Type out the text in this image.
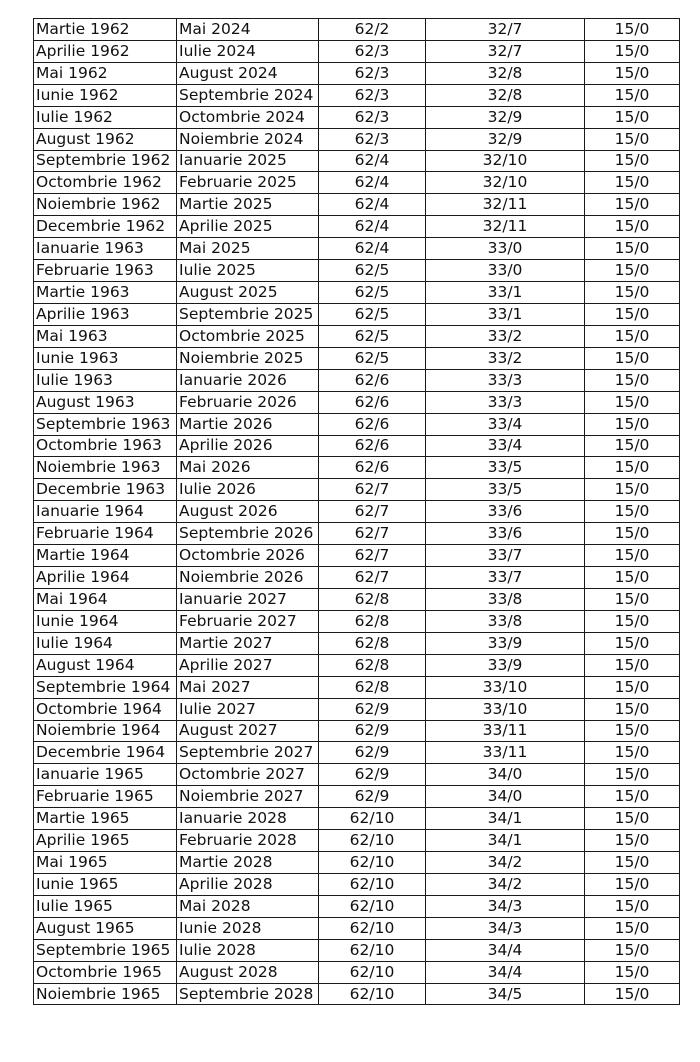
Martie 1962	Mai 2024	62/2	32/7	15/0
Aprilie 1962	Iulie 2024	62/3	32/7	15/0
Mai 1962	August 2024	62/3	32/8	15/0
Iunie 1962	Septembrie 2024	62/3	32/8	15/0
Iulie 1962	Octombrie 2024	62/3	32/9	15/0
August 1962	Noiembrie 2024	62/3	32/9	15/0
Septembrie 1962	Ianuarie 2025	62/4	32/10	15/0
Octombrie 1962	Februarie 2025	62/4	32/10	15/0
Noiembrie 1962	Martie 2025	62/4	32/11	15/0
Decembrie 1962	Aprilie 2025	62/4	32/11	15/0
Ianuarie 1963	Mai 2025	62/4	33/0	15/0
Februarie 1963	Iulie 2025	62/5	33/0	15/0
Martie 1963	August 2025	62/5	33/1	15/0
Aprilie 1963	Septembrie 2025	62/5	33/1	15/0
Mai 1963	Octombrie 2025	62/5	33/2	15/0
Iunie 1963	Noiembrie 2025	62/5	33/2	15/0
Iulie 1963	Ianuarie 2026	62/6	33/3	15/0
August 1963	Februarie 2026	62/6	33/3	15/0
Septembrie 1963	Martie 2026	62/6	33/4	15/0
Octombrie 1963	Aprilie 2026	62/6	33/4	15/0
Noiembrie 1963	Mai 2026	62/6	33/5	15/0
Decembrie 1963	Iulie 2026	62/7	33/5	15/0
Ianuarie 1964	August 2026	62/7	33/6	15/0
Februarie 1964	Septembrie 2026	62/7	33/6	15/0
Martie 1964	Octombrie 2026	62/7	33/7	15/0
Aprilie 1964	Noiembrie 2026	62/7	33/7	15/0
Mai 1964	Ianuarie 2027	62/8	33/8	15/0
Iunie 1964	Februarie 2027	62/8	33/8	15/0
Iulie 1964	Martie 2027	62/8	33/9	15/0
August 1964	Aprilie 2027	62/8	33/9	15/0
Septembrie 1964	Mai 2027	62/8	33/10	15/0
Octombrie 1964	Iulie 2027	62/9	33/10	15/0
Noiembrie 1964	August 2027	62/9	33/11	15/0
Decembrie 1964	Septembrie 2027	62/9	33/11	15/0
Ianuarie 1965	Octombrie 2027	62/9	34/0	15/0
Februarie 1965	Noiembrie 2027	62/9	34/0	15/0
Martie 1965	Ianuarie 2028	62/10	34/1	15/0
Aprilie 1965	Februarie 2028	62/10	34/1	15/0
Mai 1965	Martie 2028	62/10	34/2	15/0
Iunie 1965	Aprilie 2028	62/10	34/2	15/0
Iulie 1965	Mai 2028	62/10	34/3	15/0
August 1965	Iunie 2028	62/10	34/3	15/0
Septembrie 1965	Iulie 2028	62/10	34/4	15/0
Octombrie 1965	August 2028	62/10	34/4	15/0
Noiembrie 1965	Septembrie 2028	62/10	34/5	15/0
